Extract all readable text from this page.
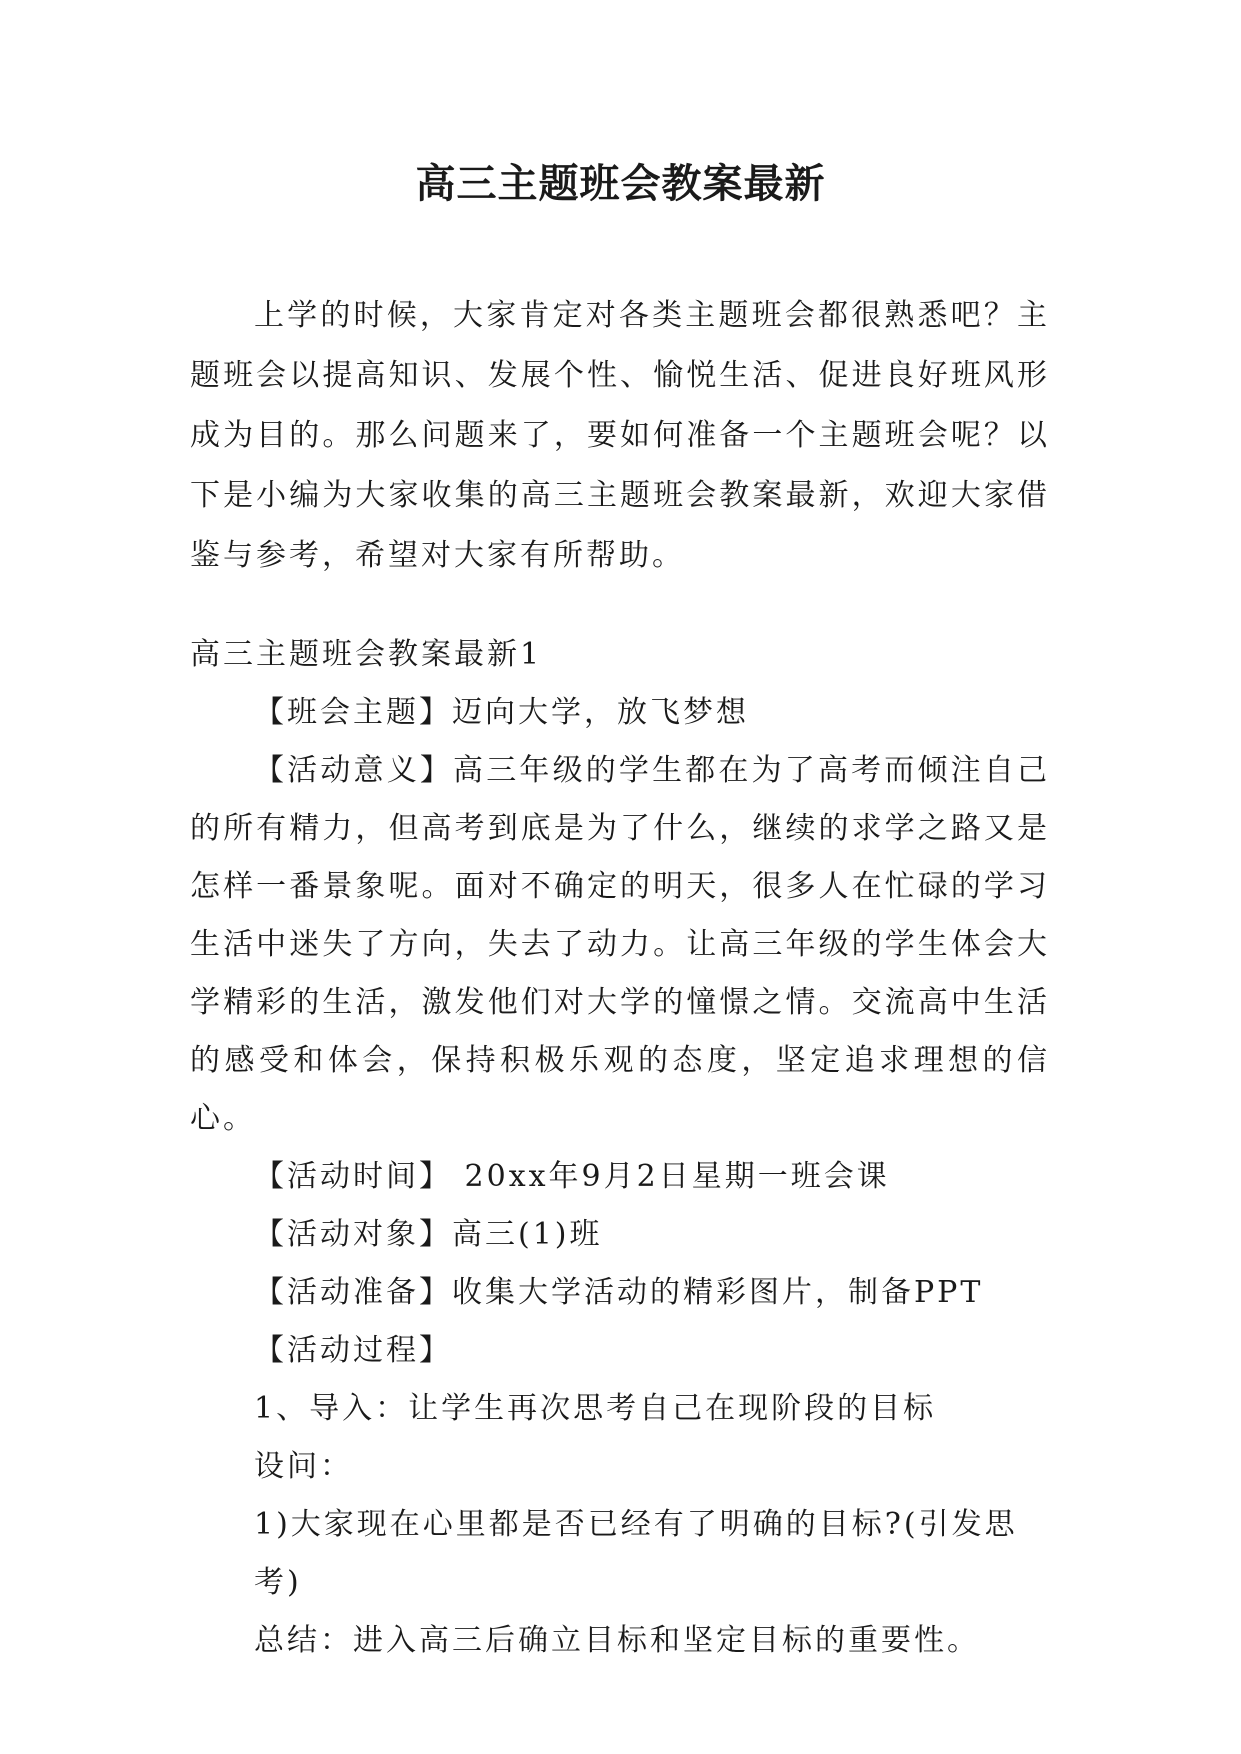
高三主题班会教案最新

上学的时候，大家肯定对各类主题班会都很熟悉吧？主题班会以提高知识、发展个性、愉悦生活、促进良好班风形成为目的。那么问题来了，要如何准备一个主题班会呢？以下是小编为大家收集的高三主题班会教案最新，欢迎大家借鉴与参考，希望对大家有所帮助。

高三主题班会教案最新1

【班会主题】迈向大学，放飞梦想

【活动意义】高三年级的学生都在为了高考而倾注自己的所有精力，但高考到底是为了什么，继续的求学之路又是怎样一番景象呢。面对不确定的明天，很多人在忙碌的学习生活中迷失了方向，失去了动力。让高三年级的学生体会大学精彩的生活，激发他们对大学的憧憬之情。交流高中生活的感受和体会，保持积极乐观的态度，坚定追求理想的信心。

【活动时间】 20xx年9月2日星期一班会课

【活动对象】高三(1)班

【活动准备】收集大学活动的精彩图片，制备PPT

【活动过程】

1、导入：让学生再次思考自己在现阶段的目标

设问：

1)大家现在心里都是否已经有了明确的目标?(引发思考)

总结：进入高三后确立目标和坚定目标的重要性。
